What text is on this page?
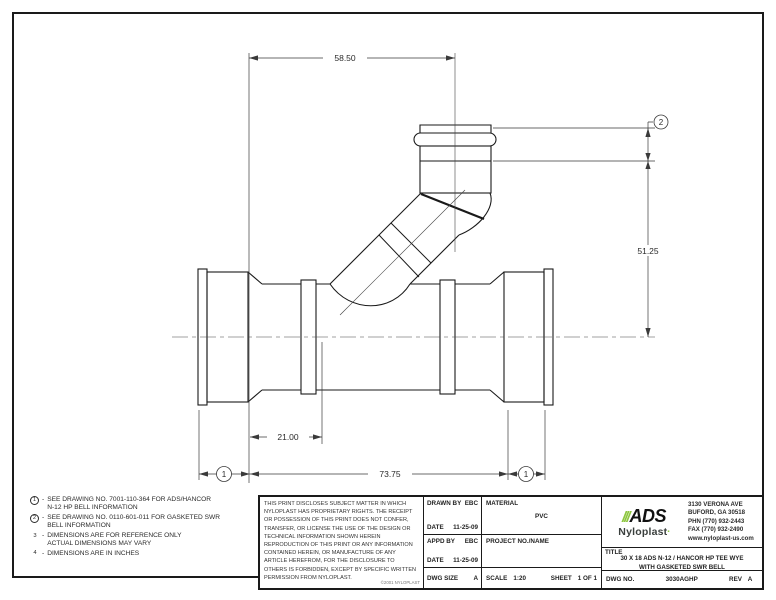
58.50
51.25
21.00
73.75
2
1	1
1 - SEE DRAWING NO. 7001-110-364 FOR ADS/HANCOR
N-12 HP BELL INFORMATION
2 - SEE DRAWING NO. 0110-601-011 FOR GASKETED SWR
BELL INFORMATION
3 - DIMENSIONS ARE FOR REFERENCE ONLY
ACTUAL DIMENSIONS MAY VARY
4 - DIMENSIONS ARE IN INCHES
THIS PRINT DISCLOSES SUBJECT MATTER IN WHICH NYLOPLAST HAS PROPRIETARY RIGHTS. THE RECEIPT OR POSSESSION OF THIS PRINT DOES NOT CONFER, TRANSFER, OR LICENSE THE USE OF THE DESIGN OR TECHNICAL INFORMATION SHOWN HEREIN REPRODUCTION OF THIS PRINT OR ANY INFORMATION CONTAINED HEREIN, OR MANUFACTURE OF ANY ARTICLE HEREFROM, FOR THE DISCLOSURE TO OTHERS IS FORBIDDEN, EXCEPT BY SPECIFIC WRITTEN PERMISSION FROM NYLOPLAST.
©2001 NYLOPLAST
DRAWN BY EBC
DATE 11-25-09
MATERIAL
PVC
APPD BY EBC
DATE 11-25-09
PROJECT NO./NAME
DWG SIZE A SCALE 1:20	SHEET 1 OF 1
///ADS
Nyloplast▪
3130 VERONA AVE
BUFORD, GA 30518
PHN (770) 932-2443
FAX (770) 932-2490
www.nyloplast-us.com
TITLE
30 X 18 ADS N-12 / HANCOR HP TEE WYE
WITH GASKETED SWR BELL
DWG NO.	3030AGHP	REV A
